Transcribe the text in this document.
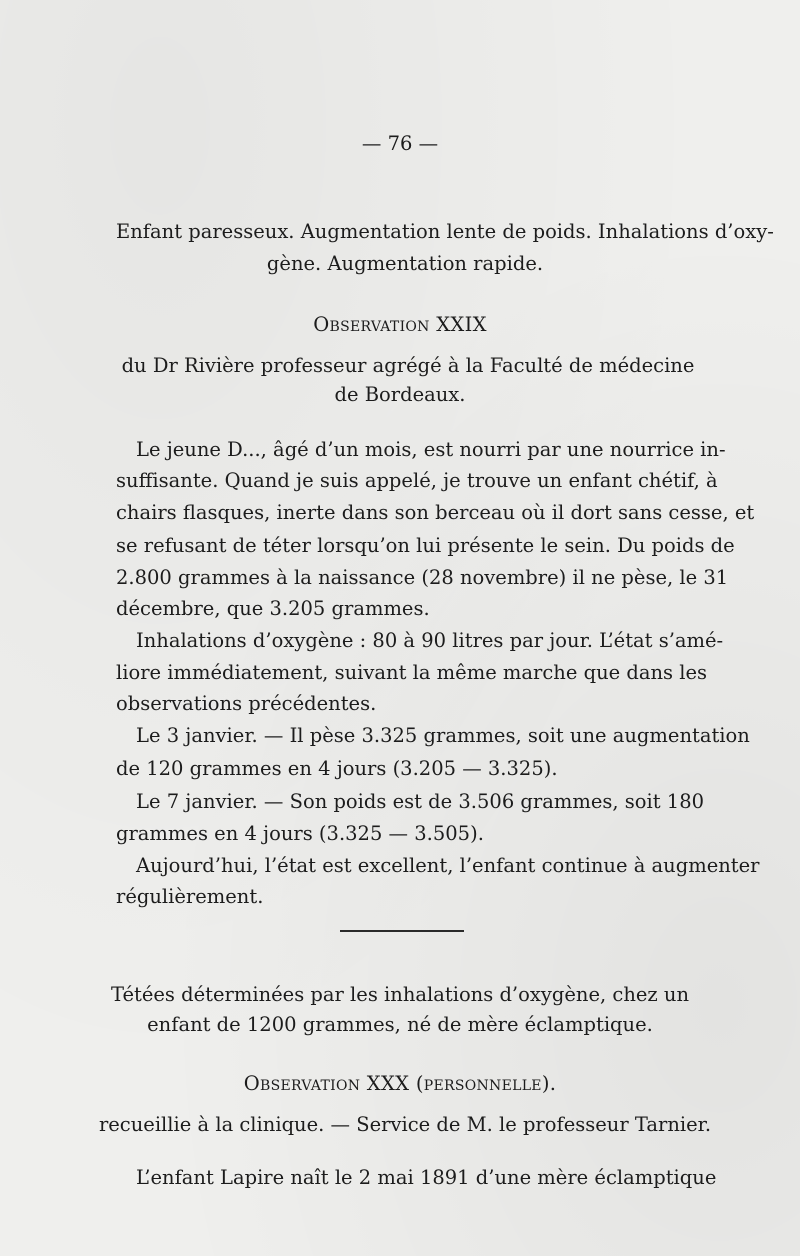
— 76 —
Enfant paresseux. Augmentation lente de poids. Inhalations d’oxy-
gène. Augmentation rapide.
Observation XXIX
du Dr Rivière professeur agrégé à la Faculté de médecine
de Bordeaux.
Le jeune D..., âgé d’un mois, est nourri par une nourrice in-
suffisante. Quand je suis appelé, je trouve un enfant chétif, à
chairs flasques, inerte dans son berceau où il dort sans cesse, et
se refusant de téter lorsqu’on lui présente le sein. Du poids de
2.800 grammes à la naissance (28 novembre) il ne pèse, le 31
décembre, que 3.205 grammes.
Inhalations d’oxygène : 80 à 90 litres par jour. L’état s’amé-
liore immédiatement, suivant la même marche que dans les
observations précédentes.
Le 3 janvier. — Il pèse 3.325 grammes, soit une augmentation
de 120 grammes en 4 jours (3.205 — 3.325).
Le 7 janvier. — Son poids est de 3.506 grammes, soit 180
grammes en 4 jours (3.325 — 3.505).
Aujourd’hui, l’état est excellent, l’enfant continue à augmenter
régulièrement.
Tétées déterminées par les inhalations d’oxygène, chez un
enfant de 1200 grammes, né de mère éclamptique.
Observation XXX (personnelle).
recueillie à la clinique. — Service de M. le professeur Tarnier.
L’enfant Lapire naît le 2 mai 1891 d’une mère éclamptique
